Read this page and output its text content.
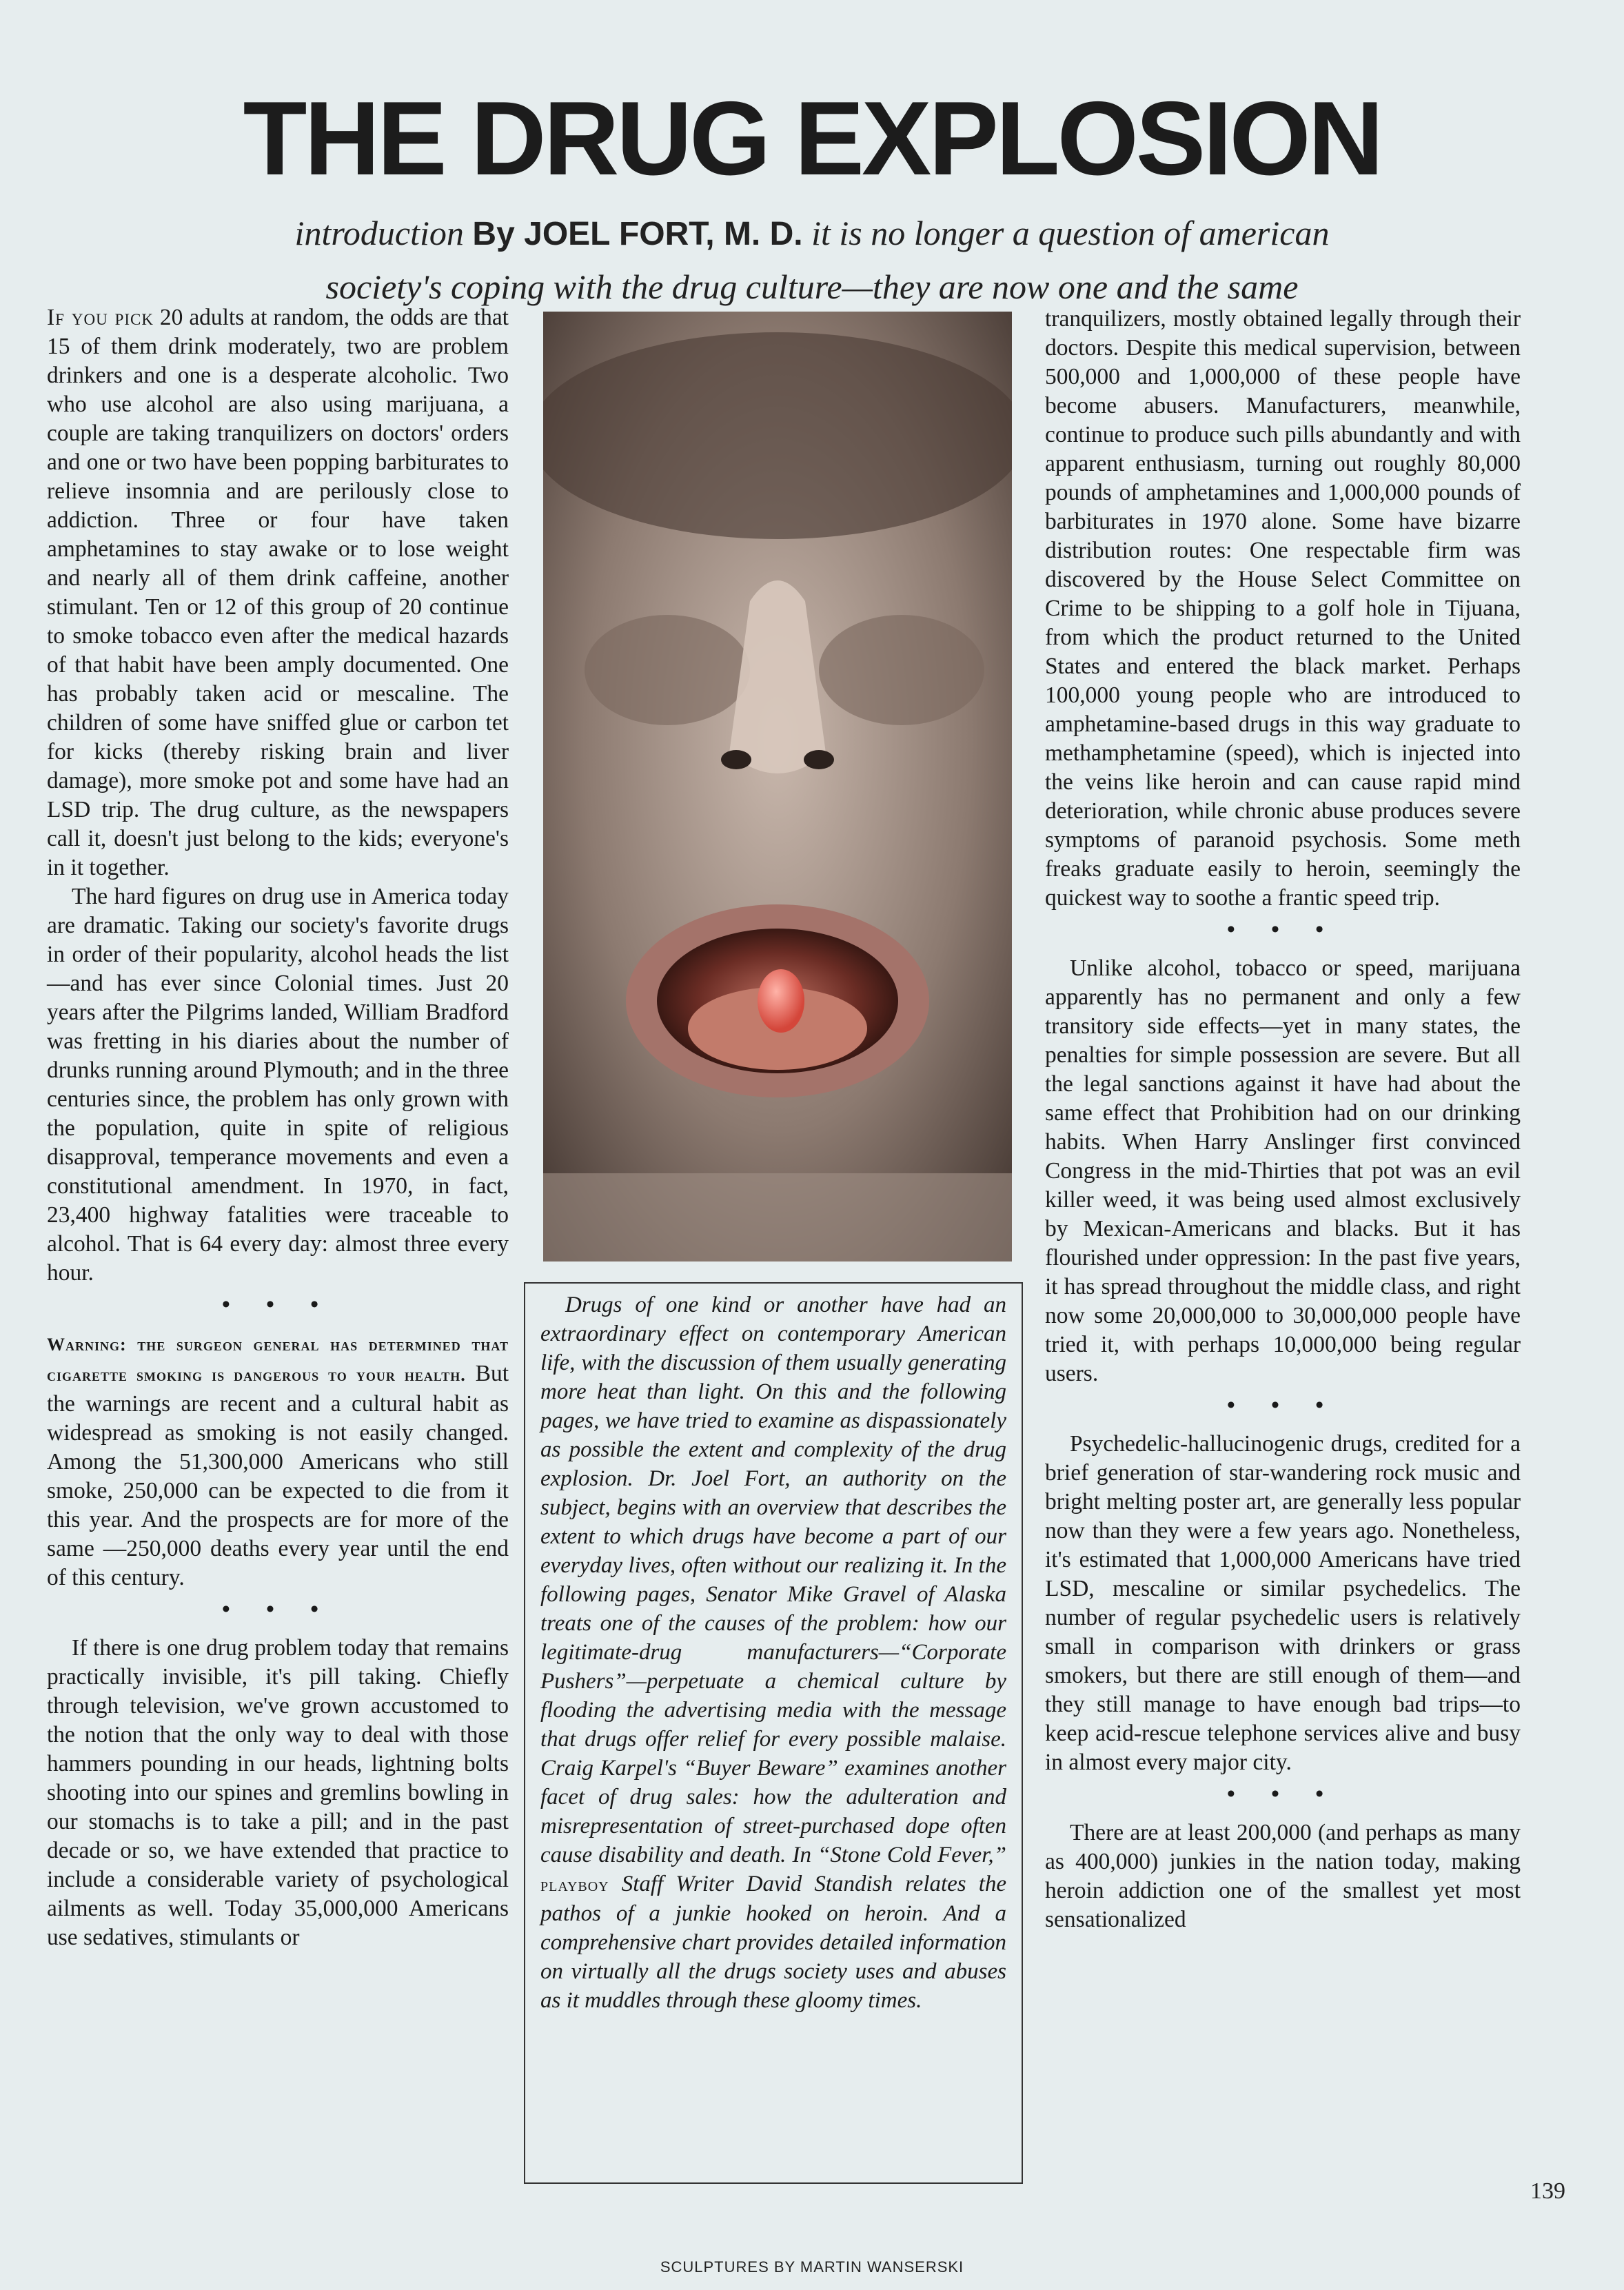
THE DRUG EXPLOSION
introduction By JOEL FORT, M. D. it is no longer a question of american
society's coping with the drug culture—they are now one and the same

If you pick 20 adults at random, the odds are that 15 of them drink moderately, two are problem drinkers and one is a desperate alcoholic. Two who use alcohol are also using marijuana, a couple are taking tranquilizers on doctors' orders and one or two have been popping barbiturates to relieve insomnia and are perilously close to addiction. Three or four have taken amphetamines to stay awake or to lose weight and nearly all of them drink caffeine, another stimulant. Ten or 12 of this group of 20 continue to smoke tobacco even after the medical hazards of that habit have been amply documented. One has probably taken acid or mescaline. The children of some have sniffed glue or carbon tet for kicks (thereby risking brain and liver damage), more smoke pot and some have had an LSD trip. The drug culture, as the newspapers call it, doesn't just belong to the kids; everyone's in it together.

The hard figures on drug use in America today are dramatic. Taking our society's favorite drugs in order of their popularity, alcohol heads the list—and has ever since Colonial times. Just 20 years after the Pilgrims landed, William Bradford was fretting in his diaries about the number of drunks running around Plymouth; and in the three centuries since, the problem has only grown with the population, quite in spite of religious disapproval, temperance movements and even a constitutional amendment. In 1970, in fact, 23,400 highway fatalities were traceable to alcohol. That is 64 every day: almost three every hour.

• • •

Warning: the surgeon general has determined that cigarette smoking is dangerous to your health. But the warnings are recent and a cultural habit as widespread as smoking is not easily changed. Among the 51,300,000 Americans who still smoke, 250,000 can be expected to die from it this year. And the prospects are for more of the same —250,000 deaths every year until the end of this century.

• • •

If there is one drug problem today that remains practically invisible, it's pill taking. Chiefly through television, we've grown accustomed to the notion that the only way to deal with those hammers pounding in our heads, lightning bolts shooting into our spines and gremlins bowling in our stomachs is to take a pill; and in the past decade or so, we have extended that practice to include a considerable variety of psychological ailments as well. Today 35,000,000 Americans use sedatives, stimulants or

Drugs of one kind or another have had an extraordinary effect on contemporary American life, with the discussion of them usually generating more heat than light. On this and the following pages, we have tried to examine as dispassionately as possible the extent and complexity of the drug explosion. Dr. Joel Fort, an authority on the subject, begins with an overview that describes the extent to which drugs have become a part of our everyday lives, often without our realizing it. In the following pages, Senator Mike Gravel of Alaska treats one of the causes of the problem: how our legitimate-drug manufacturers—“Corporate Pushers”—perpetuate a chemical culture by flooding the advertising media with the message that drugs offer relief for every possible malaise. Craig Karpel's “Buyer Beware” examines another facet of drug sales: how the adulteration and misrepresentation of street-purchased dope often cause disability and death. In “Stone Cold Fever,” playboy Staff Writer David Standish relates the pathos of a junkie hooked on heroin. And a comprehensive chart provides detailed information on virtually all the drugs society uses and abuses as it muddles through these gloomy times.

tranquilizers, mostly obtained legally through their doctors. Despite this medical supervision, between 500,000 and 1,000,000 of these people have become abusers. Manufacturers, meanwhile, continue to produce such pills abundantly and with apparent enthusiasm, turning out roughly 80,000 pounds of amphetamines and 1,000,000 pounds of barbiturates in 1970 alone. Some have bizarre distribution routes: One respectable firm was discovered by the House Select Committee on Crime to be shipping to a golf hole in Tijuana, from which the product returned to the United States and entered the black market. Perhaps 100,000 young people who are introduced to amphetamine-based drugs in this way graduate to methamphetamine (speed), which is injected into the veins like heroin and can cause rapid mind deterioration, while chronic abuse produces severe symptoms of paranoid psychosis. Some meth freaks graduate easily to heroin, seemingly the quickest way to soothe a frantic speed trip.

• • •

Unlike alcohol, tobacco or speed, marijuana apparently has no permanent and only a few transitory side effects—yet in many states, the penalties for simple possession are severe. But all the legal sanctions against it have had about the same effect that Prohibition had on our drinking habits. When Harry Anslinger first convinced Congress in the mid-Thirties that pot was an evil killer weed, it was being used almost exclusively by Mexican-Americans and blacks. But it has flourished under oppression: In the past five years, it has spread throughout the middle class, and right now some 20,000,000 to 30,000,000 people have tried it, with perhaps 10,000,000 being regular users.

• • •

Psychedelic-hallucinogenic drugs, credited for a brief generation of star-wandering rock music and bright melting poster art, are generally less popular now than they were a few years ago. Nonetheless, it's estimated that 1,000,000 Americans have tried LSD, mescaline or similar psychedelics. The number of regular psychedelic users is relatively small in comparison with drinkers or grass smokers, but there are still enough of them—and they still manage to have enough bad trips—to keep acid-rescue telephone services alive and busy in almost every major city.

• • •

There are at least 200,000 (and perhaps as many as 400,000) junkies in the nation today, making heroin addiction one of the smallest yet most sensationalized

139
SCULPTURES BY MARTIN WANSERSKI
